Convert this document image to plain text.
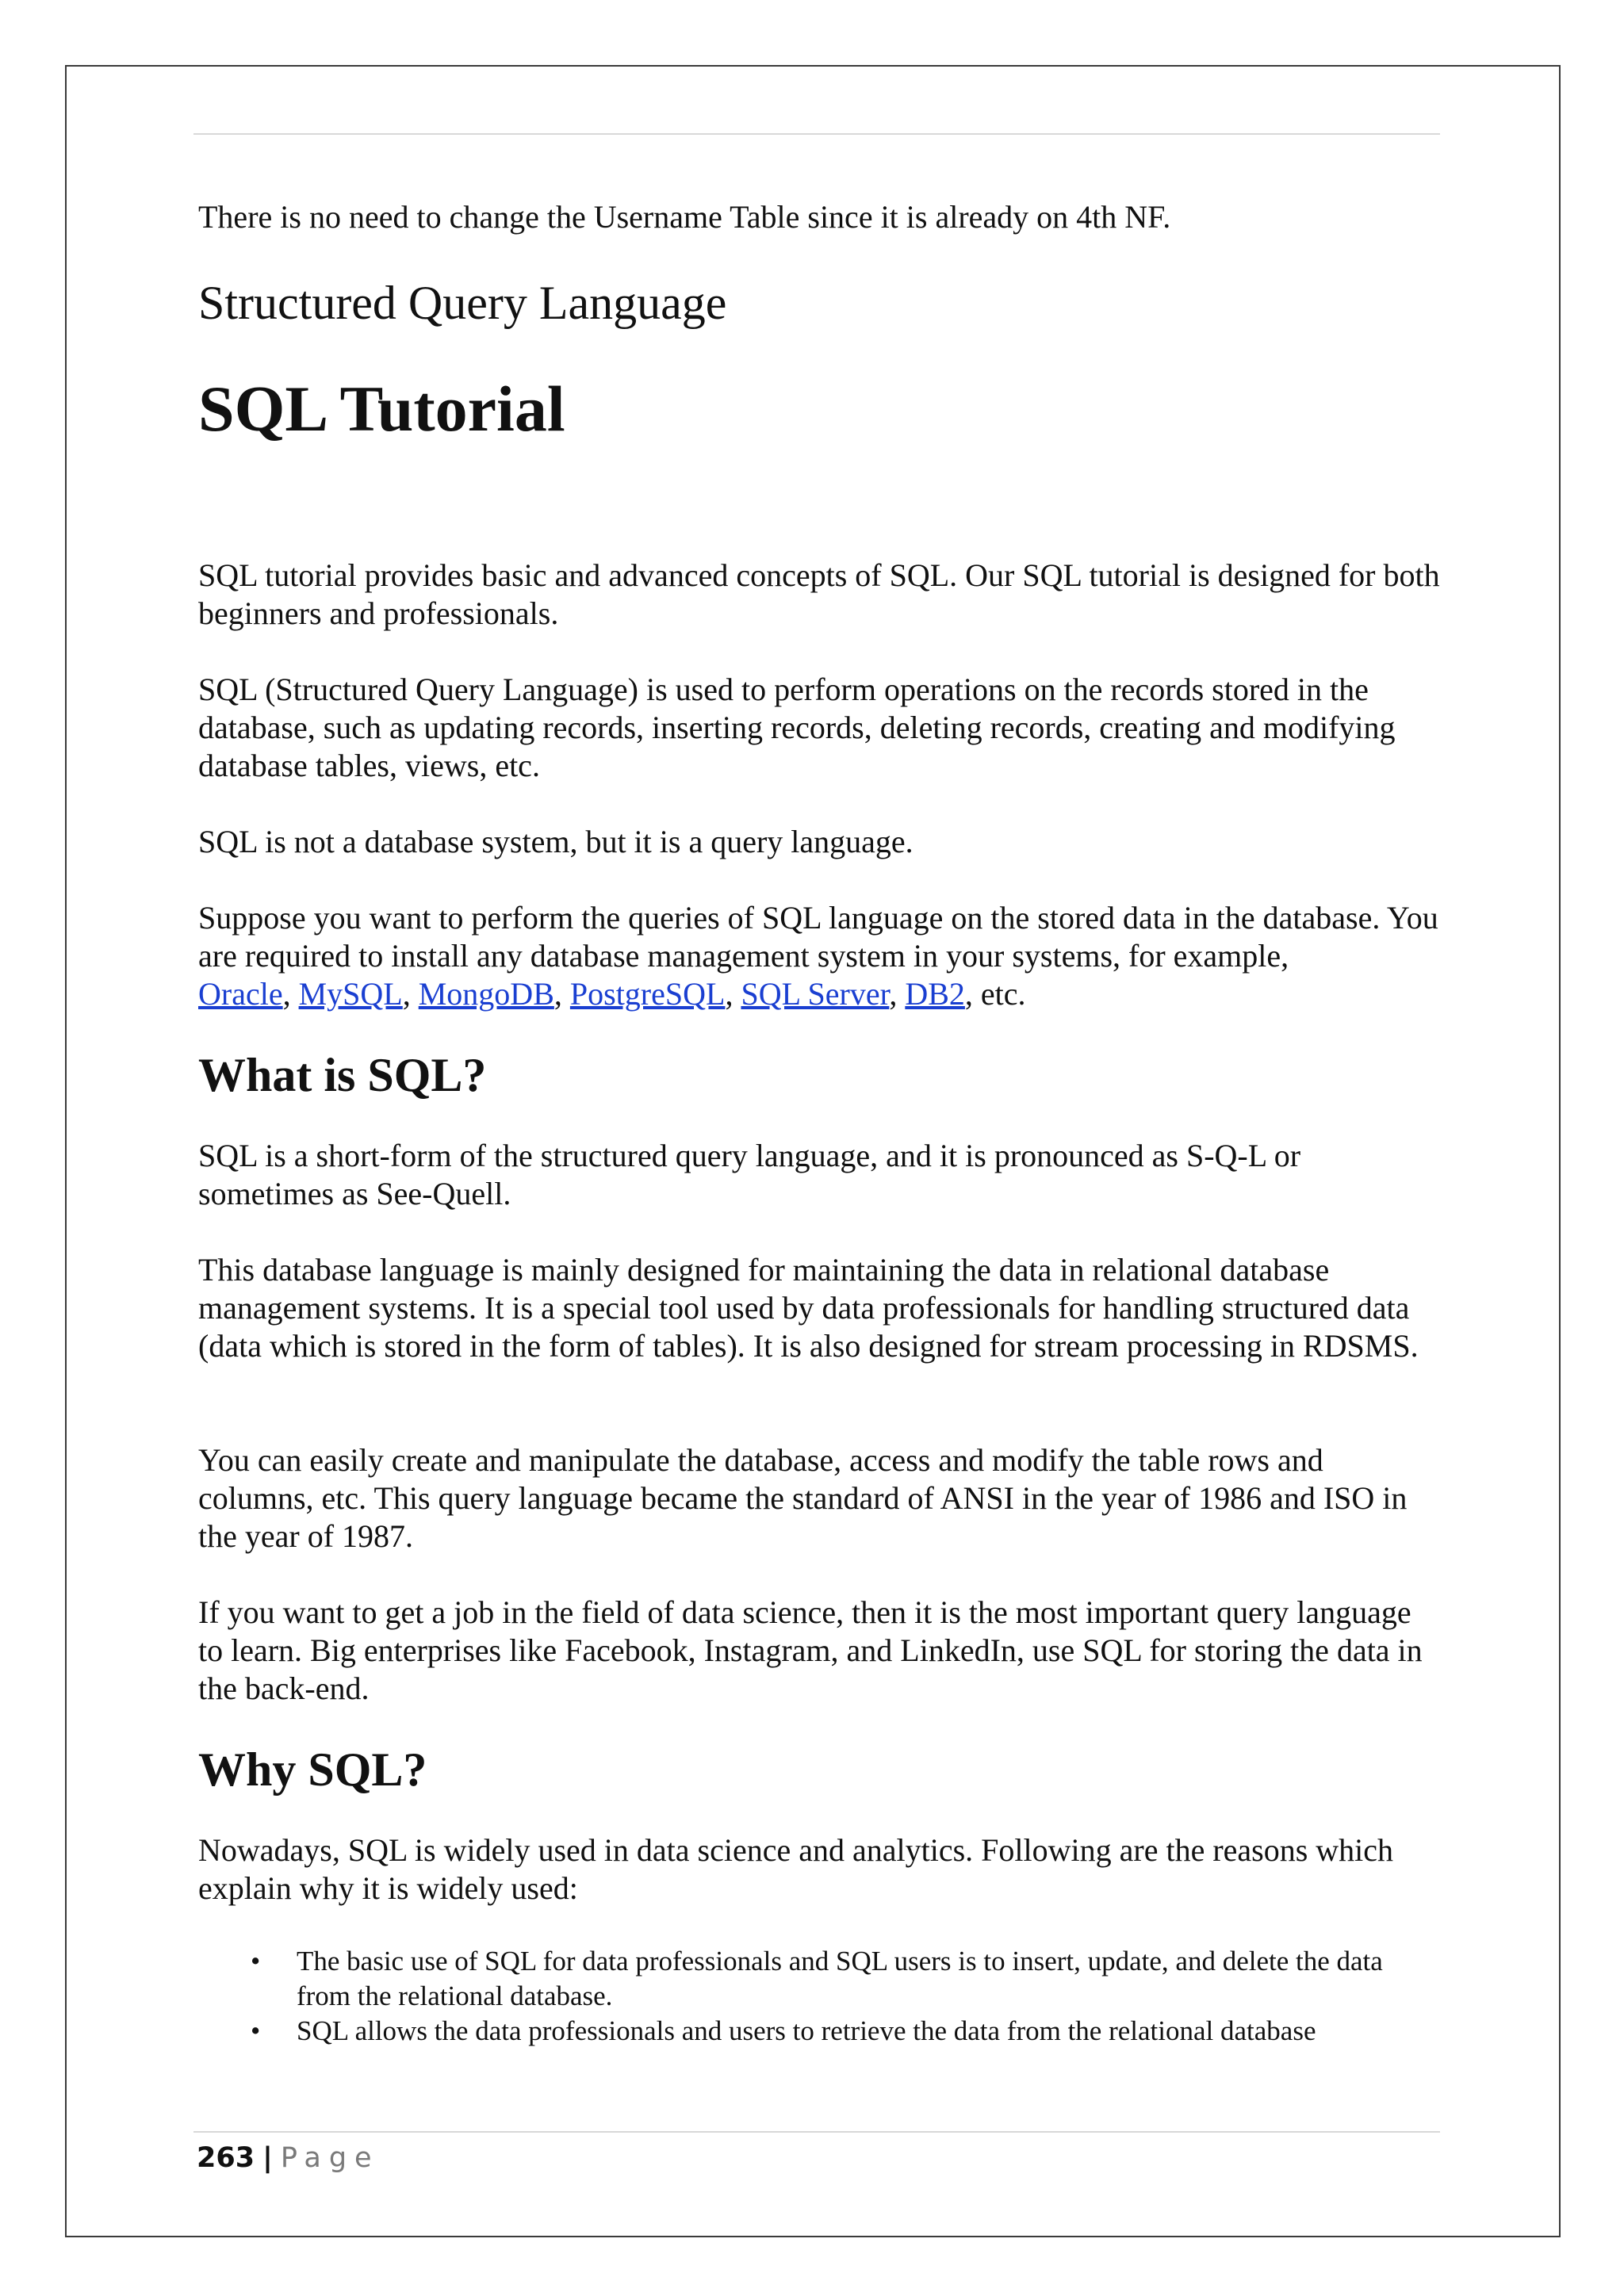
There is no need to change the Username Table since it is already on 4th NF.

Structured Query Language
SQL Tutorial

SQL tutorial provides basic and advanced concepts of SQL. Our SQL tutorial is designed for both beginners and professionals.

SQL (Structured Query Language) is used to perform operations on the records stored in the database, such as updating records, inserting records, deleting records, creating and modifying database tables, views, etc.

SQL is not a database system, but it is a query language.

Suppose you want to perform the queries of SQL language on the stored data in the database. You are required to install any database management system in your systems, for example,

Oracle, MySQL, MongoDB, PostgreSQL, SQL Server, DB2, etc.

What is SQL?

SQL is a short-form of the structured query language, and it is pronounced as S-Q-L or sometimes as See-Quell.

This database language is mainly designed for maintaining the data in relational database management systems. It is a special tool used by data professionals for handling structured data (data which is stored in the form of tables). It is also designed for stream processing in RDSMS.

You can easily create and manipulate the database, access and modify the table rows and columns, etc. This query language became the standard of ANSI in the year of 1986 and ISO in the year of 1987.

If you want to get a job in the field of data science, then it is the most important query language to learn. Big enterprises like Facebook, Instagram, and LinkedIn, use SQL for storing the data in the back-end.

Why SQL?

Nowadays, SQL is widely used in data science and analytics. Following are the reasons which explain why it is widely used:

• The basic use of SQL for data professionals and SQL users is to insert, update, and delete the data from the relational database.
• SQL allows the data professionals and users to retrieve the data from the relational database
263 | Page
